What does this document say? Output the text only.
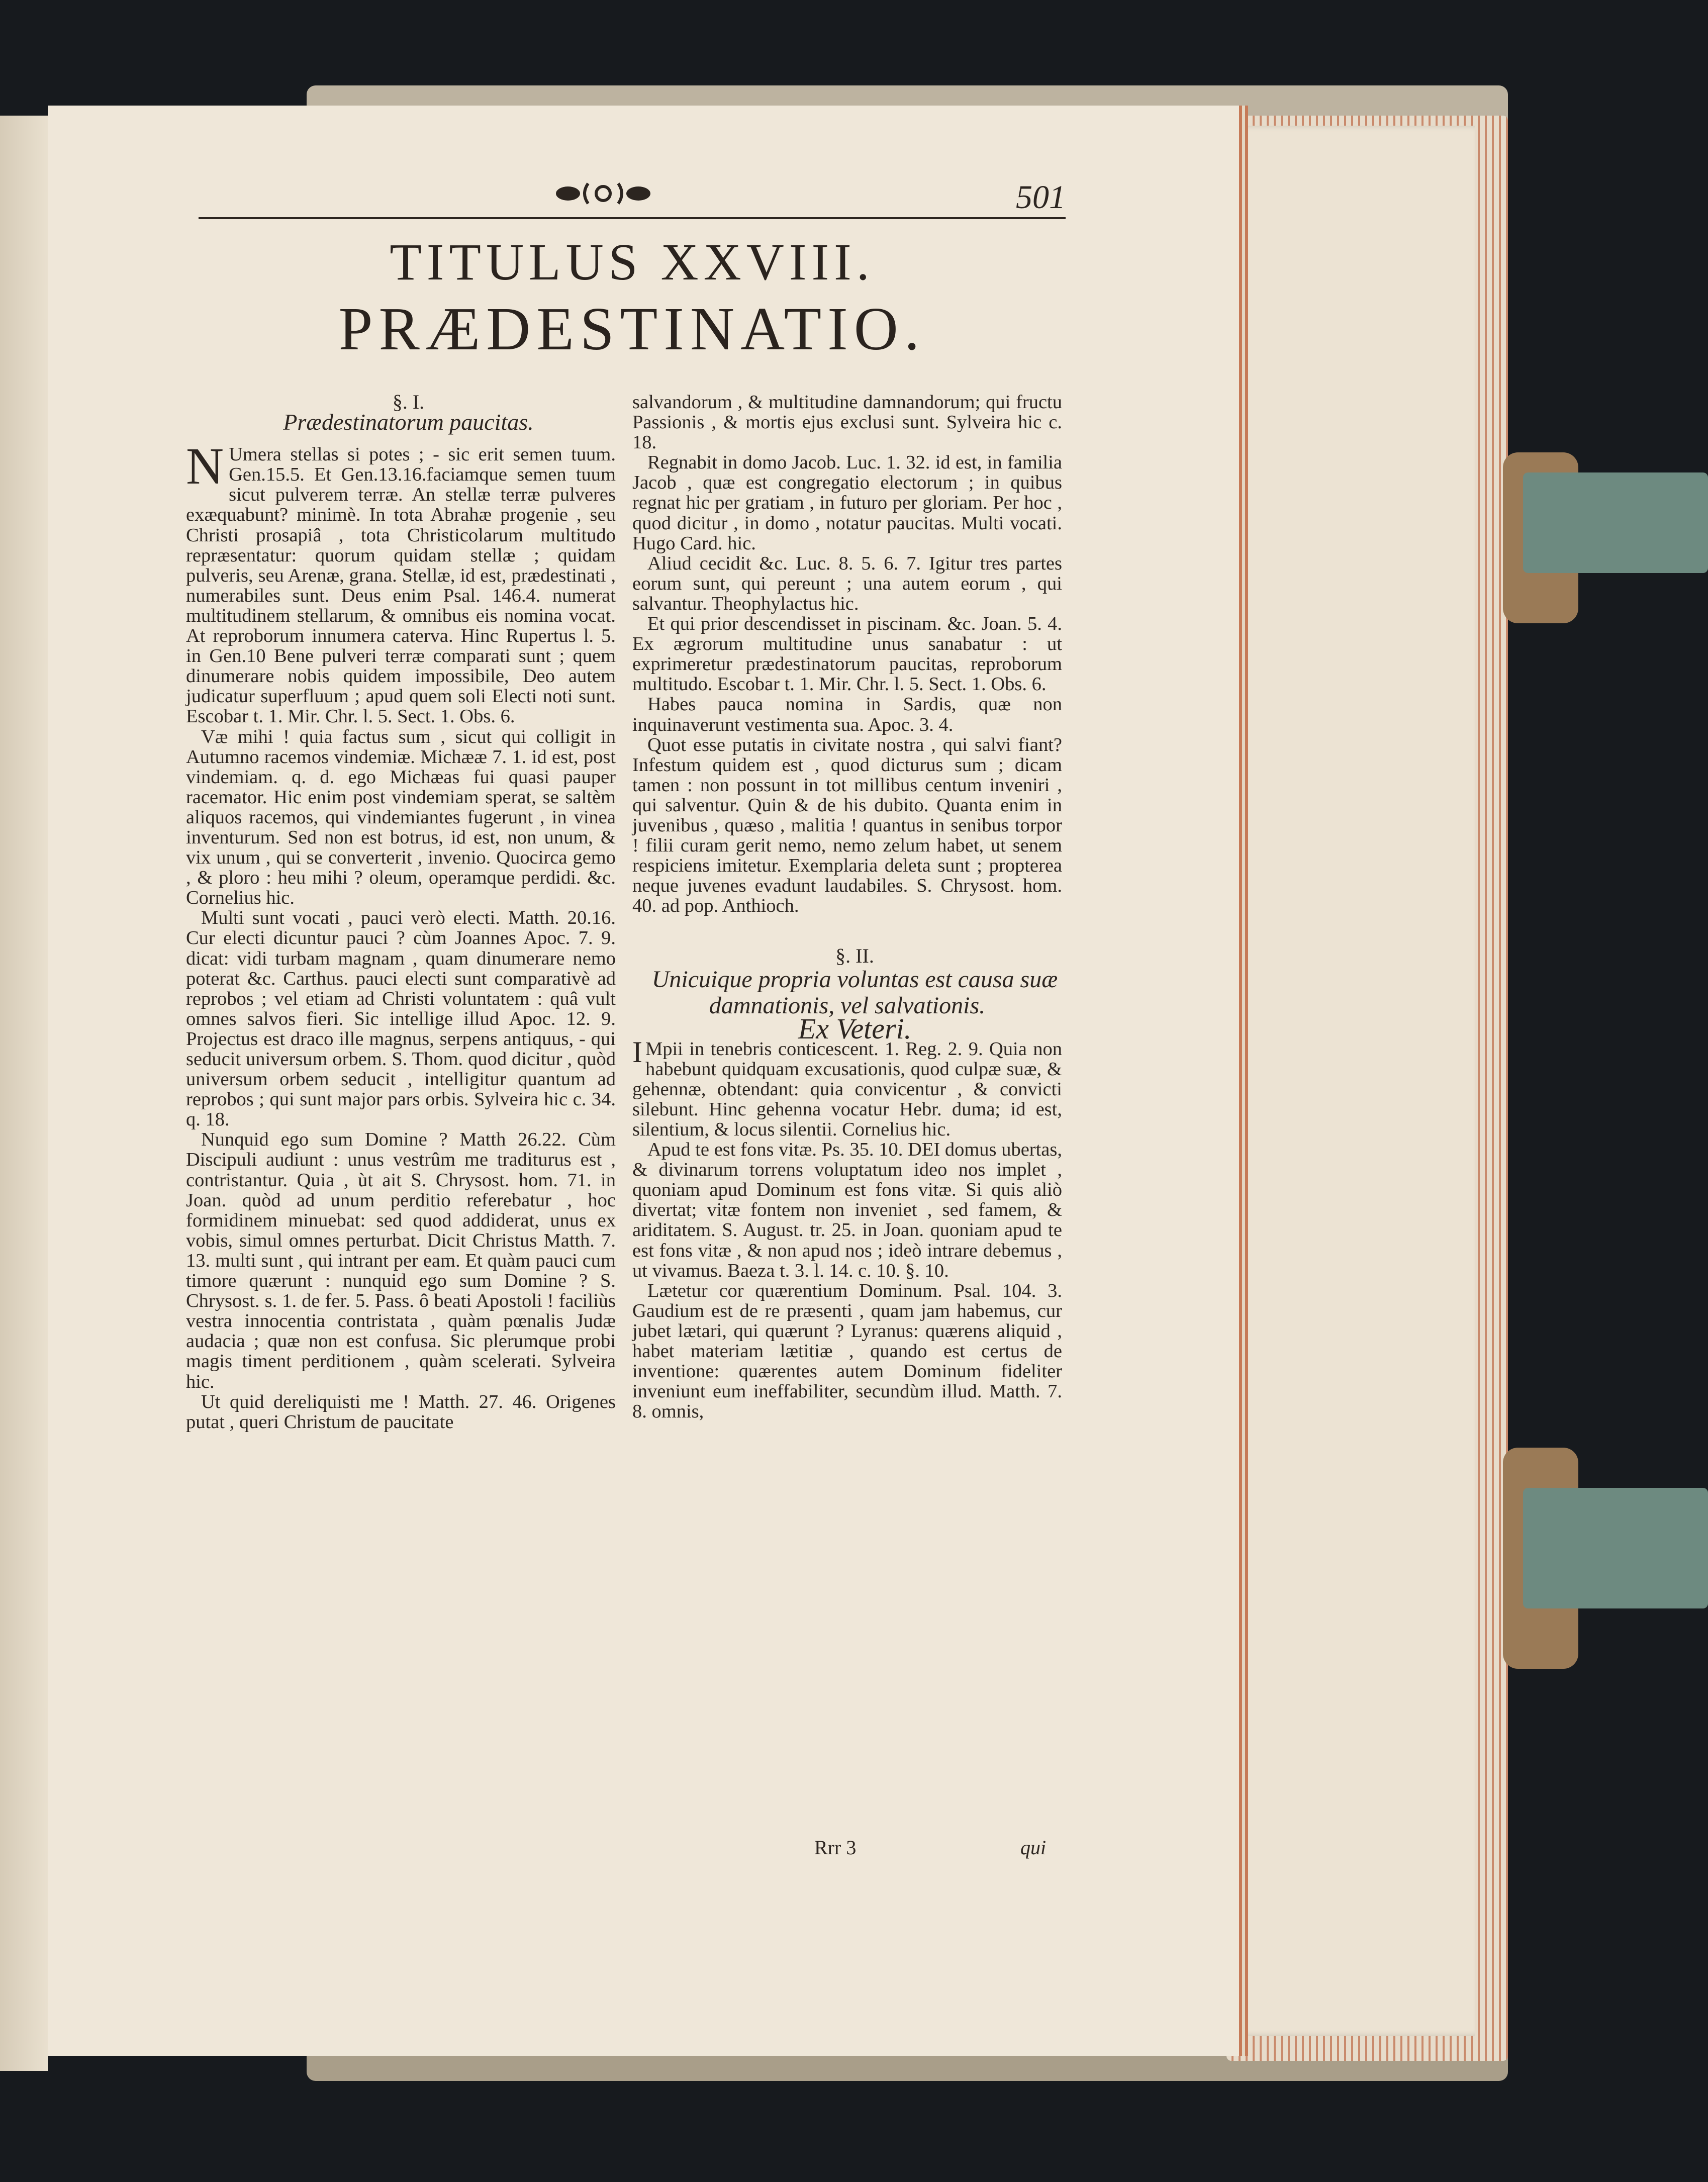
501
TITULUS XXVIII.
PRÆDESTINATIO.

§. I.

Prædestinatorum paucitas.

N Umera stellas si potes ; - sic erit semen tuum. Gen.15.5. Et Gen.13.16.faciamque semen tuum sicut pulverem terræ. An stellæ terræ pulveres exæquabunt? minimè. In tota Abrahæ progenie , seu Christi prosapiâ , tota Christicolarum multitudo repræsentatur: quorum quidam stellæ ; quidam pulveris, seu Arenæ, grana. Stellæ, id est, prædestinati , numerabiles sunt. Deus enim Psal. 146.4. numerat multitudinem stellarum, & omnibus eis nomina vocat. At reproborum innumera caterva. Hinc Rupertus l. 5. in Gen.10 Bene pulveri terræ comparati sunt ; quem dinumerare nobis quidem impossibile, Deo autem judicatur superfluum ; apud quem soli Electi noti sunt. Escobar t. 1. Mir. Chr. l. 5. Sect. 1. Obs. 6.

Væ mihi ! quia factus sum , sicut qui colligit in Autumno racemos vindemiæ. Michææ 7. 1. id est, post vindemiam. q. d. ego Michæas fui quasi pauper racemator. Hic enim post vindemiam sperat, se saltèm aliquos racemos, qui vindemiantes fugerunt , in vinea inventurum. Sed non est botrus, id est, non unum, & vix unum , qui se converterit , invenio. Quocirca gemo , & ploro : heu mihi ? oleum, operamque perdidi. &c. Cornelius hic.

Multi sunt vocati , pauci verò electi. Matth. 20.16. Cur electi dicuntur pauci ? cùm Joannes Apoc. 7. 9. dicat: vidi turbam magnam , quam dinumerare nemo poterat &c. Carthus. pauci electi sunt comparativè ad reprobos ; vel etiam ad Christi voluntatem : quâ vult omnes salvos fieri. Sic intellige illud Apoc. 12. 9. Projectus est draco ille magnus, serpens antiquus, - qui seducit universum orbem. S. Thom. quod dicitur , quòd universum orbem seducit , intelligitur quantum ad reprobos ; qui sunt major pars orbis. Sylveira hic c. 34. q. 18.

Nunquid ego sum Domine ? Matth 26.22. Cùm Discipuli audiunt : unus vestrûm me traditurus est , contristantur. Quia , ùt ait S. Chrysost. hom. 71. in Joan. quòd ad unum perditio referebatur , hoc formidinem minuebat: sed quod addiderat, unus ex vobis, simul omnes perturbat. Dicit Christus Matth. 7. 13. multi sunt , qui intrant per eam. Et quàm pauci cum timore quærunt : nunquid ego sum Domine ? S. Chrysost. s. 1. de fer. 5. Pass. ô beati Apostoli ! faciliùs vestra innocentia contristata , quàm pœnalis Judæ audacia ; quæ non est confusa. Sic plerumque probi magis timent perditionem , quàm scelerati. Sylveira hic.

Ut quid dereliquisti me ! Matth. 27. 46. Origenes putat , queri Christum de paucitate

salvandorum , & multitudine damnandorum; qui fructu Passionis , & mortis ejus exclusi sunt. Sylveira hic c. 18.

Regnabit in domo Jacob. Luc. 1. 32. id est, in familia Jacob , quæ est congregatio electorum ; in quibus regnat hic per gratiam , in futuro per gloriam. Per hoc , quod dicitur , in domo , notatur paucitas. Multi vocati. Hugo Card. hic.

Aliud cecidit &c. Luc. 8. 5. 6. 7. Igitur tres partes eorum sunt, qui pereunt ; una autem eorum , qui salvantur. Theophylactus hic.

Et qui prior descendisset in piscinam. &c. Joan. 5. 4. Ex ægrorum multitudine unus sanabatur : ut exprimeretur prædestinatorum paucitas, reproborum multitudo. Escobar t. 1. Mir. Chr. l. 5. Sect. 1. Obs. 6.

Habes pauca nomina in Sardis, quæ non inquinaverunt vestimenta sua. Apoc. 3. 4.

Quot esse putatis in civitate nostra , qui salvi fiant? Infestum quidem est , quod dicturus sum ; dicam tamen : non possunt in tot millibus centum inveniri , qui salventur. Quin & de his dubito. Quanta enim in juvenibus , quæso , malitia ! quantus in senibus torpor ! filii curam gerit nemo, nemo zelum habet, ut senem respiciens imitetur. Exemplaria deleta sunt ; propterea neque juvenes evadunt laudabiles. S. Chrysost. hom. 40. ad pop. Anthioch.

§. II.

Unicuique propria voluntas est causa suæ damnationis, vel salvationis.

Ex Veteri.

I Mpii in tenebris conticescent. 1. Reg. 2. 9. Quia non habebunt quidquam excusationis, quod culpæ suæ, & gehennæ, obtendant: quia convicentur , & convicti silebunt. Hinc gehenna vocatur Hebr. duma; id est, silentium, & locus silentii. Cornelius hic.

Apud te est fons vitæ. Ps. 35. 10. DEI domus ubertas, & divinarum torrens voluptatum ideo nos implet , quoniam apud Dominum est fons vitæ. Si quis aliò divertat; vitæ fontem non inveniet , sed famem, & ariditatem. S. August. tr. 25. in Joan. quoniam apud te est fons vitæ , & non apud nos ; ideò intrare debemus , ut vivamus. Baeza t. 3. l. 14. c. 10. §. 10.

Lætetur cor quærentium Dominum. Psal. 104. 3. Gaudium est de re præsenti , quam jam habemus, cur jubet lætari, qui quærunt ? Lyranus: quærens aliquid , habet materiam lætitiæ , quando est certus de inventione: quærentes autem Dominum fideliter inveniunt eum ineffabiliter, secundùm illud. Matth. 7. 8. omnis,

Rrr 3	qui
